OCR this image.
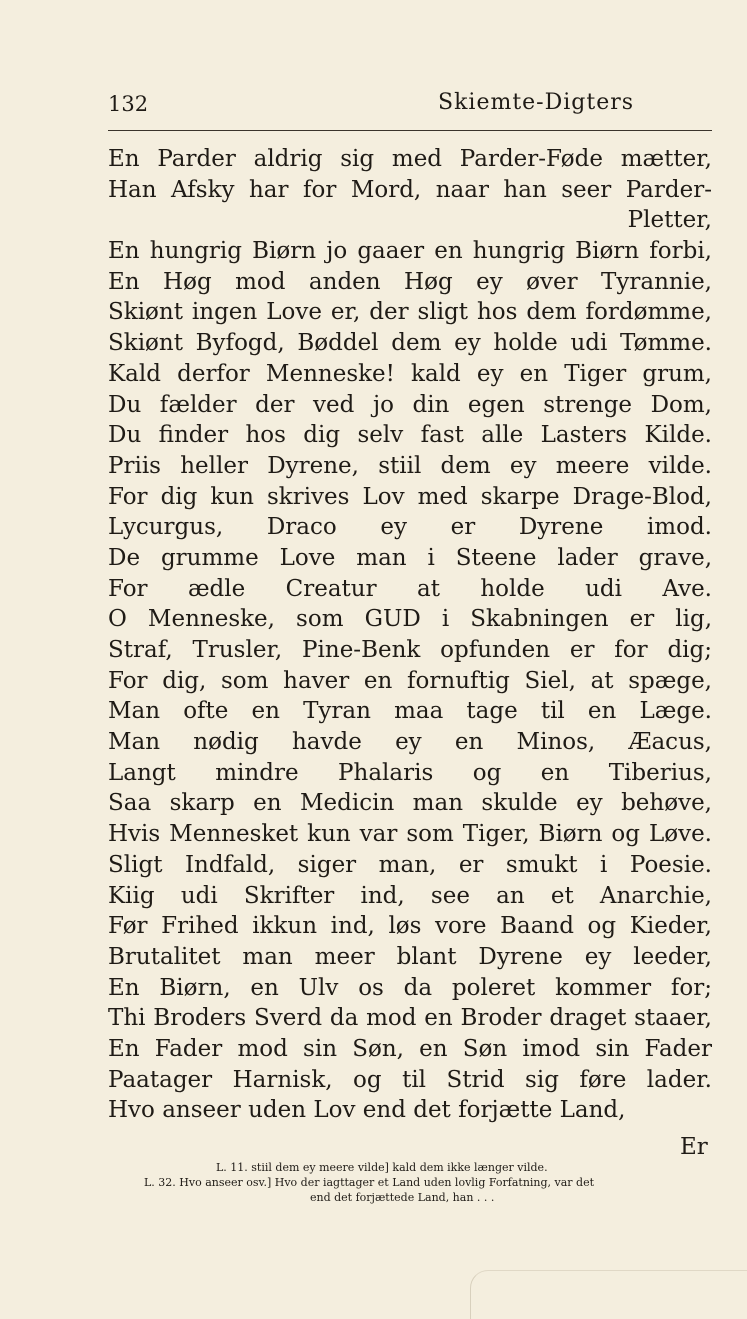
132	Skiemte-Digters
En Parder aldrig sig med Parder-Føde mætter,
Han Afsky har for Mord, naar han seer Parder-
Pletter,
En hungrig Biørn jo gaaer en hungrig Biørn forbi,
En Høg mod anden Høg ey øver Tyrannie,
Skiønt ingen Love er, der sligt hos dem fordømme,
Skiønt Byfogd, Bøddel dem ey holde udi Tømme.
Kald derfor Menneske! kald ey en Tiger grum,
Du fælder der ved jo din egen strenge Dom,
Du finder hos dig selv fast alle Lasters Kilde.
Priis heller Dyrene, stiil dem ey meere vilde.
For dig kun skrives Lov med skarpe Drage-Blod,
Lycurgus, Draco ey er Dyrene imod.
De grumme Love man i Steene lader grave,
For ædle Creatur at holde udi Ave.
O Menneske, som GUD i Skabningen er lig,
Straf, Trusler, Pine-Benk opfunden er for dig;
For dig, som haver en fornuftig Siel, at spæge,
Man ofte en Tyran maa tage til en Læge.
Man nødig havde ey en Minos, Æacus,
Langt mindre Phalaris og en Tiberius,
Saa skarp en Medicin man skulde ey behøve,
Hvis Mennesket kun var som Tiger, Biørn og Løve.
Sligt Indfald, siger man, er smukt i Poesie.
Kiig udi Skrifter ind, see an et Anarchie,
Før Frihed ikkun ind, løs vore Baand og Kieder,
Brutalitet man meer blant Dyrene ey leeder,
En Biørn, en Ulv os da poleret kommer for;
Thi Broders Sverd da mod en Broder draget staaer,
En Fader mod sin Søn, en Søn imod sin Fader
Paatager Harnisk, og til Strid sig føre lader.
Hvo anseer uden Lov end det forjætte Land,
Er
L. 11. stiil dem ey meere vilde] kald dem ikke længer vilde.
L. 32. Hvo anseer osv.] Hvo der iagttager et Land uden lovlig Forfatning, var det
end det forjættede Land, han . . .
